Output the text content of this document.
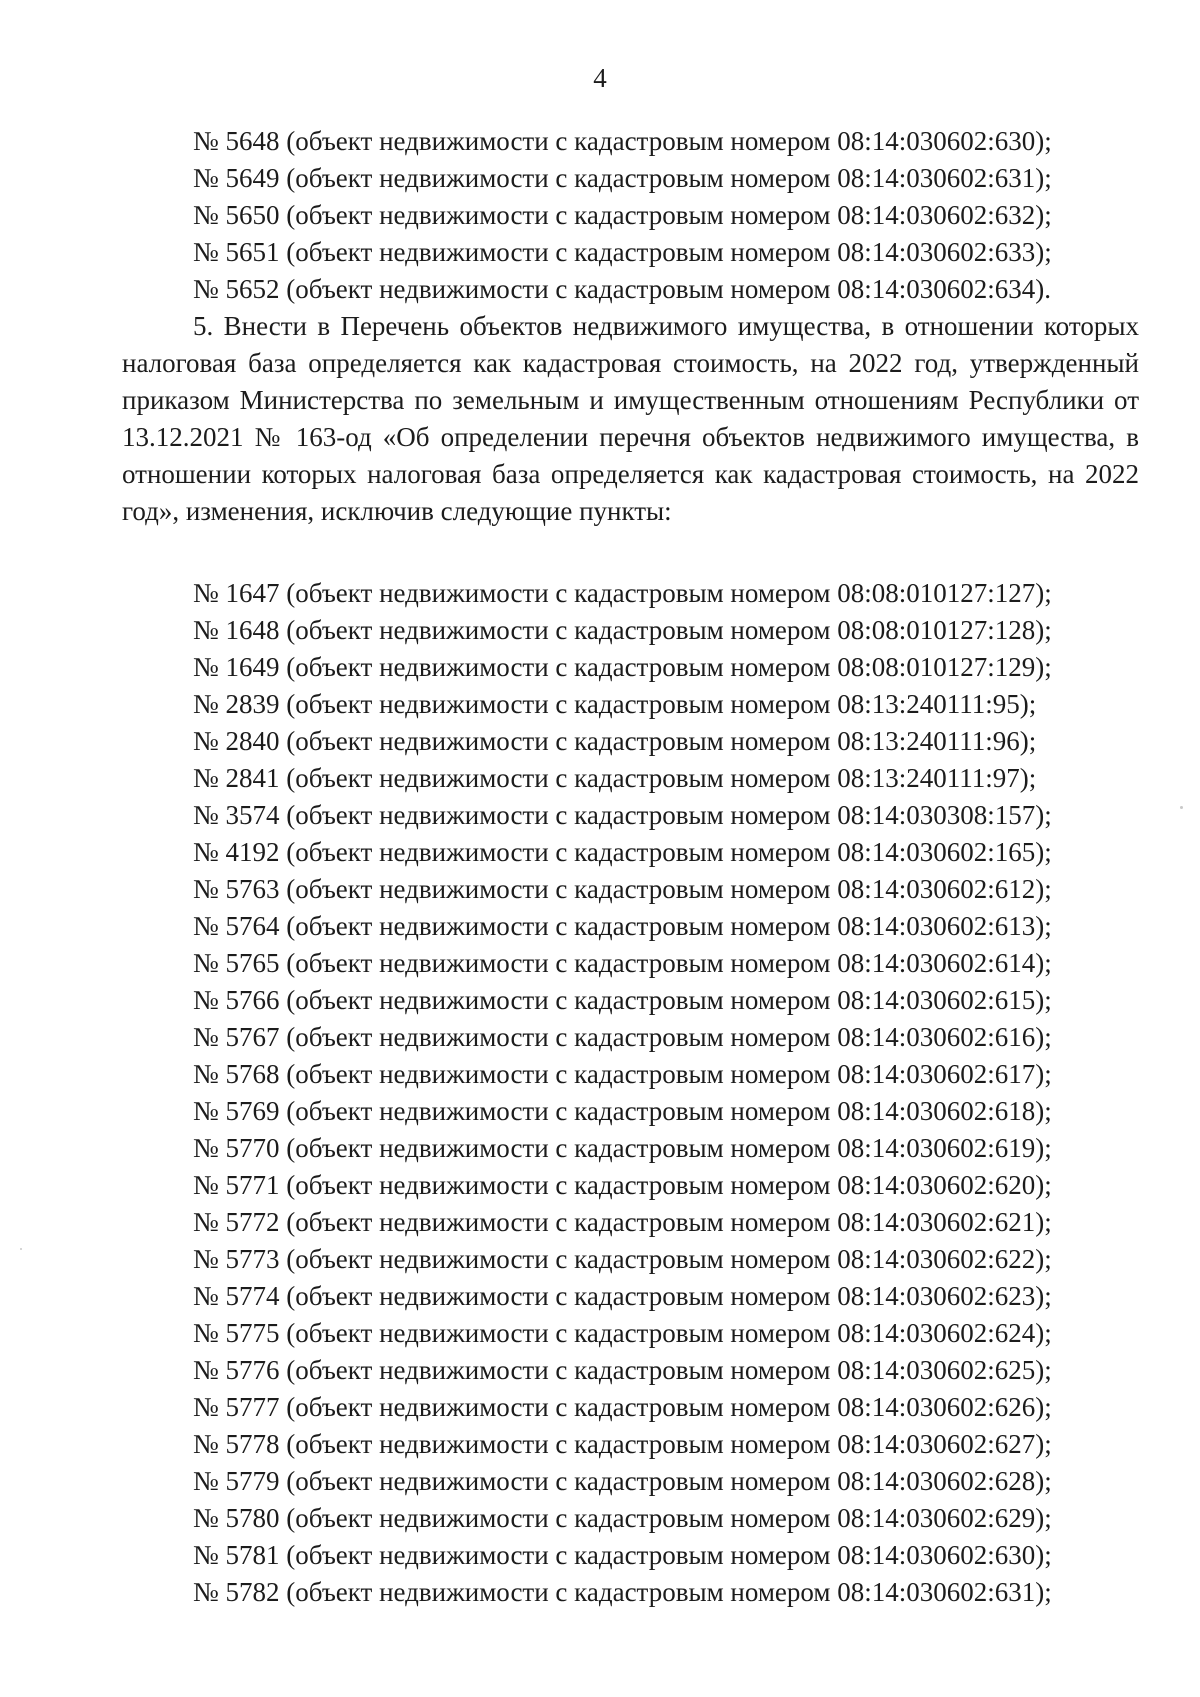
4
№ 5648 (объект недвижимости с кадастровым номером 08:14:030602:630);
№ 5649 (объект недвижимости с кадастровым номером 08:14:030602:631);
№ 5650 (объект недвижимости с кадастровым номером 08:14:030602:632);
№ 5651 (объект недвижимости с кадастровым номером 08:14:030602:633);
№ 5652 (объект недвижимости с кадастровым номером 08:14:030602:634).

5. Внести в Перечень объектов недвижимого имущества, в отношении которых налоговая база определяется как кадастровая стоимость, на 2022 год, утвержденный приказом Министерства по земельным и имущественным отношениям Республики от 13.12.2021 № 163-од «Об определении перечня объектов недвижимого имущества, в отношении которых налоговая база определяется как кадастровая стоимость, на 2022 год», изменения, исключив следующие пункты:

№ 1647 (объект недвижимости с кадастровым номером 08:08:010127:127);
№ 1648 (объект недвижимости с кадастровым номером 08:08:010127:128);
№ 1649 (объект недвижимости с кадастровым номером 08:08:010127:129);
№ 2839 (объект недвижимости с кадастровым номером 08:13:240111:95);
№ 2840 (объект недвижимости с кадастровым номером 08:13:240111:96);
№ 2841 (объект недвижимости с кадастровым номером 08:13:240111:97);
№ 3574 (объект недвижимости с кадастровым номером 08:14:030308:157);
№ 4192 (объект недвижимости с кадастровым номером 08:14:030602:165);
№ 5763 (объект недвижимости с кадастровым номером 08:14:030602:612);
№ 5764 (объект недвижимости с кадастровым номером 08:14:030602:613);
№ 5765 (объект недвижимости с кадастровым номером 08:14:030602:614);
№ 5766 (объект недвижимости с кадастровым номером 08:14:030602:615);
№ 5767 (объект недвижимости с кадастровым номером 08:14:030602:616);
№ 5768 (объект недвижимости с кадастровым номером 08:14:030602:617);
№ 5769 (объект недвижимости с кадастровым номером 08:14:030602:618);
№ 5770 (объект недвижимости с кадастровым номером 08:14:030602:619);
№ 5771 (объект недвижимости с кадастровым номером 08:14:030602:620);
№ 5772 (объект недвижимости с кадастровым номером 08:14:030602:621);
№ 5773 (объект недвижимости с кадастровым номером 08:14:030602:622);
№ 5774 (объект недвижимости с кадастровым номером 08:14:030602:623);
№ 5775 (объект недвижимости с кадастровым номером 08:14:030602:624);
№ 5776 (объект недвижимости с кадастровым номером 08:14:030602:625);
№ 5777 (объект недвижимости с кадастровым номером 08:14:030602:626);
№ 5778 (объект недвижимости с кадастровым номером 08:14:030602:627);
№ 5779 (объект недвижимости с кадастровым номером 08:14:030602:628);
№ 5780 (объект недвижимости с кадастровым номером 08:14:030602:629);
№ 5781 (объект недвижимости с кадастровым номером 08:14:030602:630);
№ 5782 (объект недвижимости с кадастровым номером 08:14:030602:631);
